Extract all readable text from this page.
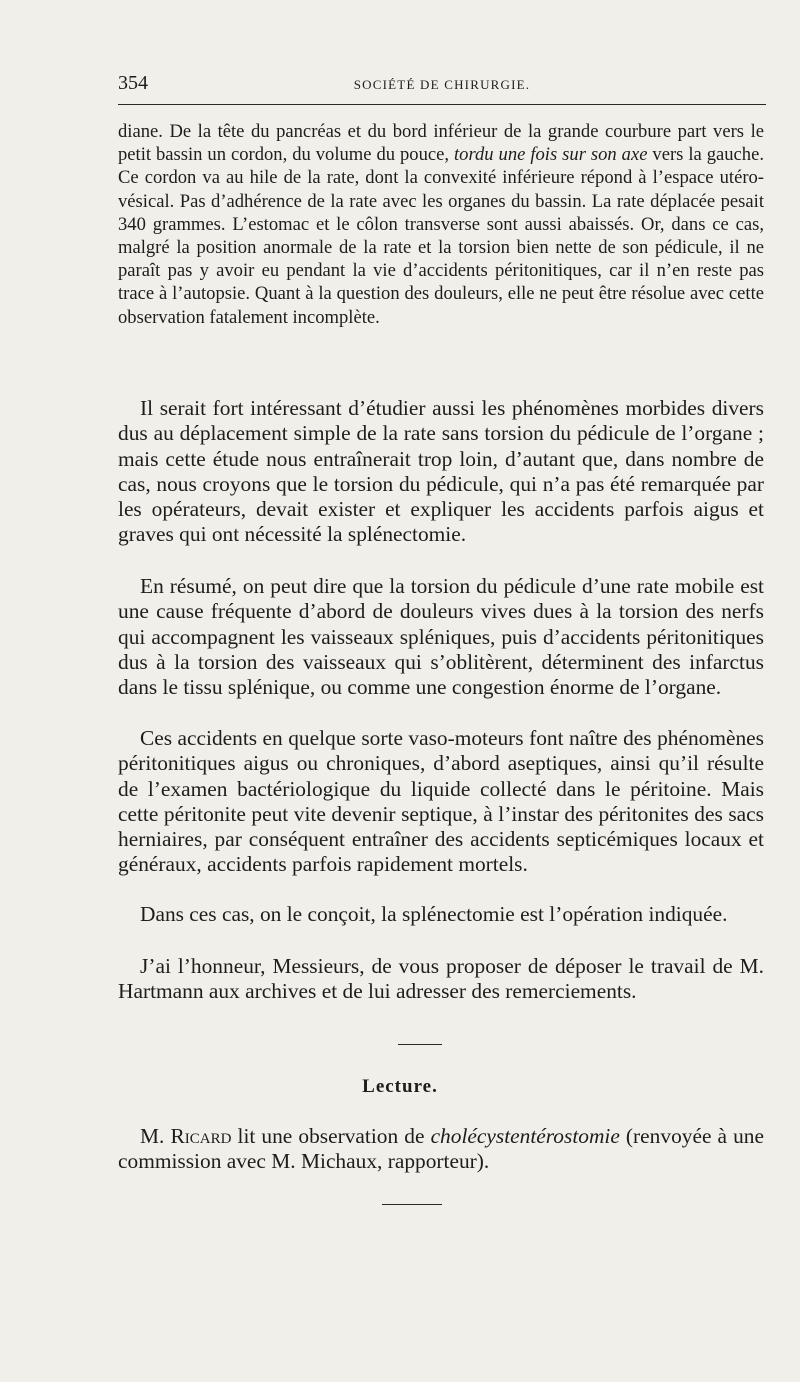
354	SOCIÉTÉ DE CHIRURGIE.

diane. De la tête du pancréas et du bord inférieur de la grande courbure part vers le petit bassin un cordon, du volume du pouce, tordu une fois sur son axe vers la gauche. Ce cordon va au hile de la rate, dont la convexité inférieure répond à l’espace utéro-vésical. Pas d’adhérence de la rate avec les organes du bassin. La rate déplacée pesait 340 grammes. L’estomac et le côlon transverse sont aussi abaissés. Or, dans ce cas, malgré la position anormale de la rate et la torsion bien nette de son pédicule, il ne paraît pas y avoir eu pendant la vie d’accidents péritonitiques, car il n’en reste pas trace à l’autopsie. Quant à la question des douleurs, elle ne peut être résolue avec cette observation fatalement incomplète.

Il serait fort intéressant d’étudier aussi les phénomènes morbides divers dus au déplacement simple de la rate sans torsion du pédicule de l’organe ; mais cette étude nous entraînerait trop loin, d’autant que, dans nombre de cas, nous croyons que le torsion du pédicule, qui n’a pas été remarquée par les opérateurs, devait exister et expliquer les accidents parfois aigus et graves qui ont nécessité la splénectomie.

En résumé, on peut dire que la torsion du pédicule d’une rate mobile est une cause fréquente d’abord de douleurs vives dues à la torsion des nerfs qui accompagnent les vaisseaux spléniques, puis d’accidents péritonitiques dus à la torsion des vaisseaux qui s’oblitèrent, déterminent des infarctus dans le tissu splénique, ou comme une congestion énorme de l’organe.

Ces accidents en quelque sorte vaso-moteurs font naître des phénomènes péritonitiques aigus ou chroniques, d’abord aseptiques, ainsi qu’il résulte de l’examen bactériologique du liquide collecté dans le péritoine. Mais cette péritonite peut vite devenir septique, à l’instar des péritonites des sacs herniaires, par conséquent entraîner des accidents septicémiques locaux et généraux, accidents parfois rapidement mortels.

Dans ces cas, on le conçoit, la splénectomie est l’opération indiquée.

J’ai l’honneur, Messieurs, de vous proposer de déposer le travail de M. Hartmann aux archives et de lui adresser des remerciements.

Lecture.

M. Ricard lit une observation de cholécystentérostomie (renvoyée à une commission avec M. Michaux, rapporteur).
